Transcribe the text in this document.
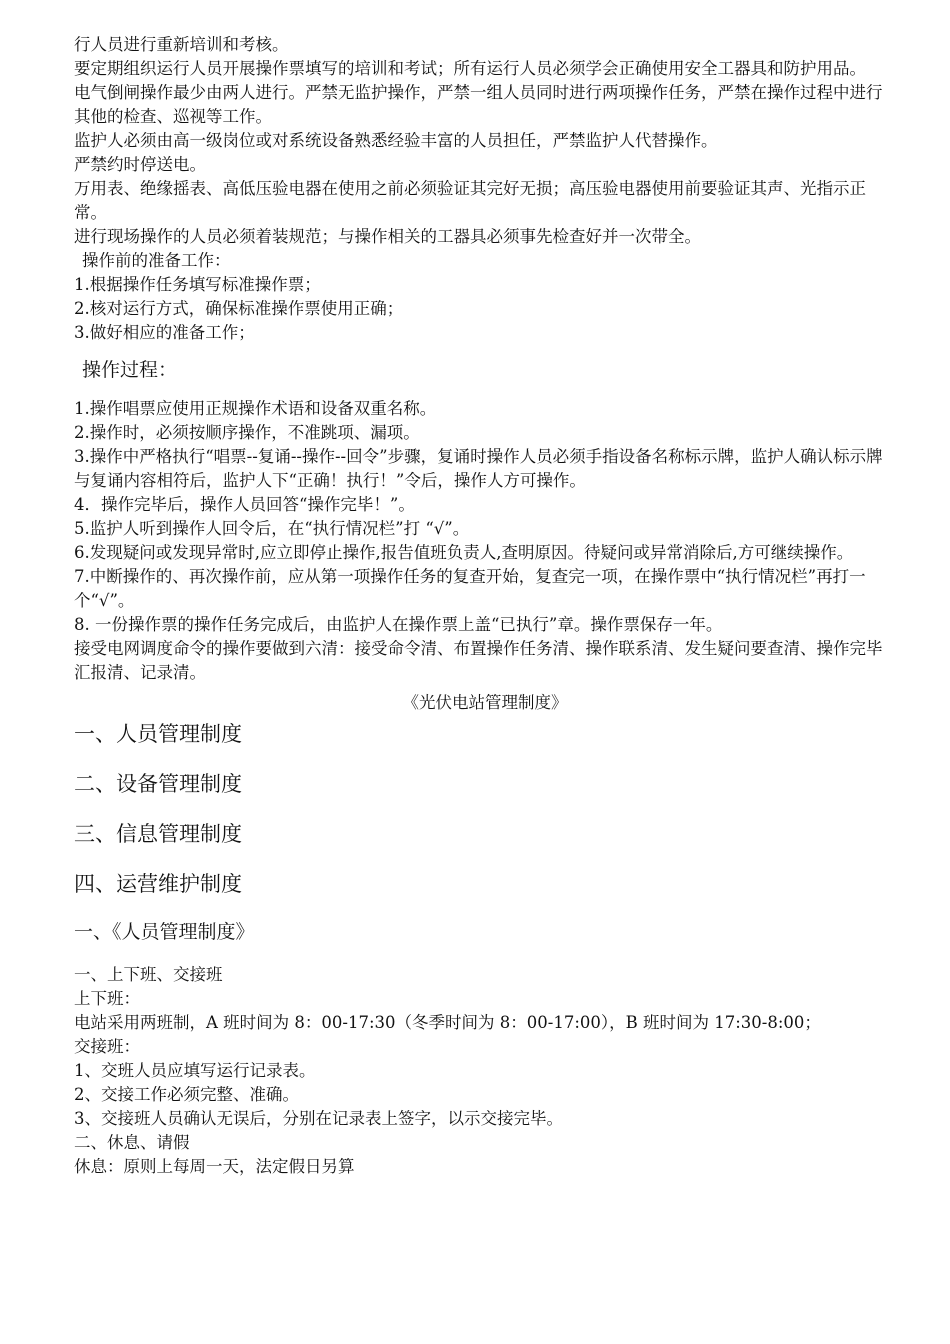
行人员进行重新培训和考核。

要定期组织运行人员开展操作票填写的培训和考试；所有运行人员必须学会正确使用安全工器具和防护用品。

电气倒闸操作最少由两人进行。严禁无监护操作，严禁一组人员同时进行两项操作任务，严禁在操作过程中进行其他的检查、巡视等工作。

监护人必须由高一级岗位或对系统设备熟悉经验丰富的人员担任，严禁监护人代替操作。

严禁约时停送电。

万用表、绝缘摇表、高低压验电器在使用之前必须验证其完好无损；高压验电器使用前要验证其声、光指示正常。

进行现场操作的人员必须着装规范；与操作相关的工器具必须事先检查好并一次带全。

操作前的准备工作：

1.根据操作任务填写标准操作票；

2.核对运行方式，确保标准操作票使用正确；

3.做好相应的准备工作；

操作过程：

1.操作唱票应使用正规操作术语和设备双重名称。

2.操作时，必须按顺序操作，不准跳项、漏项。

3.操作中严格执行“唱票--复诵--操作--回令”步骤，复诵时操作人员必须手指设备名称标示牌，监护人确认标示牌与复诵内容相符后，监护人下“正确！执行！”令后，操作人方可操作。

4．操作完毕后，操作人员回答“操作完毕！”。

5.监护人听到操作人回令后，在“执行情况栏”打 “√”。

6.发现疑问或发现异常时,应立即停止操作,报告值班负责人,查明原因。待疑问或异常消除后,方可继续操作。

7.中断操作的、再次操作前，应从第一项操作任务的复查开始，复查完一项，在操作票中“执行情况栏”再打一个“√”。

8. 一份操作票的操作任务完成后，由监护人在操作票上盖“已执行”章。操作票保存一年。

接受电网调度命令的操作要做到六清：接受命令清、布置操作任务清、操作联系清、发生疑问要查清、操作完毕汇报清、记录清。

《光伏电站管理制度》

一、人员管理制度

二、设备管理制度

三、信息管理制度

四、运营维护制度

一、《人员管理制度》

一、上下班、交接班

上下班：

电站采用两班制，A 班时间为 8：00-17:30（冬季时间为 8：00-17:00），B 班时间为 17:30-8:00；

交接班：

1、交班人员应填写运行记录表。

2、交接工作必须完整、准确。

3、交接班人员确认无误后，分别在记录表上签字，以示交接完毕。

二、休息、请假

休息：原则上每周一天，法定假日另算
